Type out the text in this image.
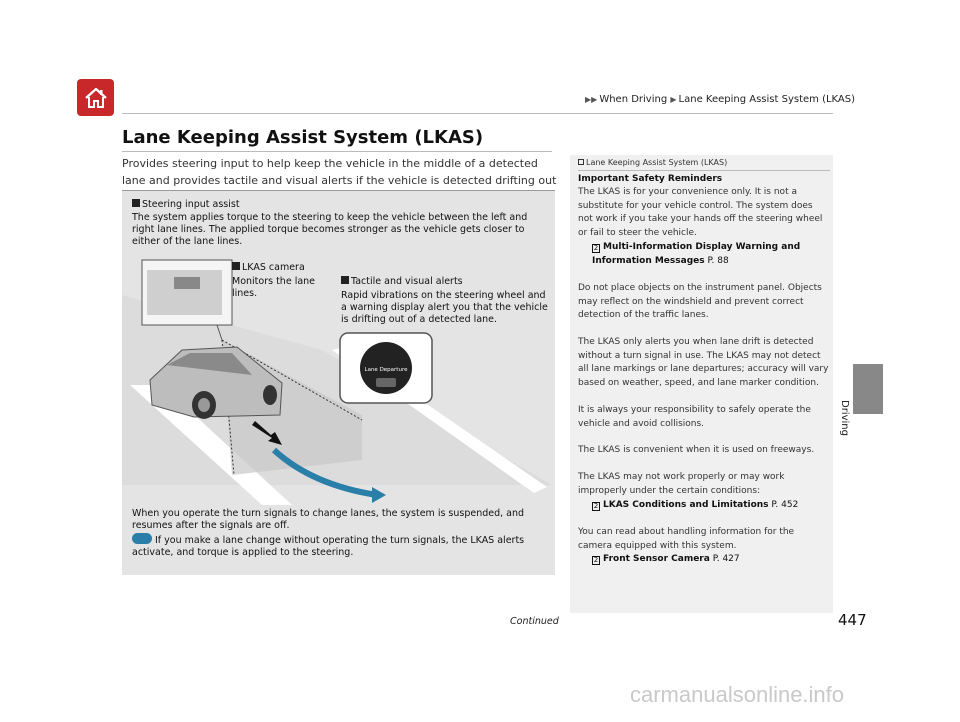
▶▶ When Driving ▶ Lane Keeping Assist System (LKAS)
Lane Keeping Assist System (LKAS)
Provides steering input to help keep the vehicle in the middle of a detected lane and provides tactile and visual alerts if the vehicle is detected drifting out
Steering input assist
The system applies torque to the steering to keep the vehicle between the left and right lane lines. The applied torque becomes stronger as the vehicle gets closer to either of the lane lines.
Lane Departure
LKAS camera
Monitors the lane lines.
Tactile and visual alerts
Rapid vibrations on the steering wheel and a warning display alert you that the vehicle is drifting out of a detected lane.
When you operate the turn signals to change lanes, the system is suspended, and resumes after the signals are off.
If you make a lane change without operating the turn signals, the LKAS alerts activate, and torque is applied to the steering.
Lane Keeping Assist System (LKAS)
Important Safety Reminders
The LKAS is for your convenience only. It is not a substitute for your vehicle control. The system does not work if you take your hands off the steering wheel or fail to steer the vehicle.
2 Multi-Information Display Warning and Information Messages P. 88
Do not place objects on the instrument panel. Objects may reflect on the windshield and prevent correct detection of the traffic lanes.
The LKAS only alerts you when lane drift is detected without a turn signal in use. The LKAS may not detect all lane markings or lane departures; accuracy will vary based on weather, speed, and lane marker condition.
It is always your responsibility to safely operate the vehicle and avoid collisions.
The LKAS is convenient when it is used on freeways.
The LKAS may not work properly or may work improperly under the certain conditions:
2 LKAS Conditions and Limitations P. 452
You can read about handling information for the camera equipped with this system.
2 Front Sensor Camera P. 427
Driving
Continued	447
carmanualsonline.info
